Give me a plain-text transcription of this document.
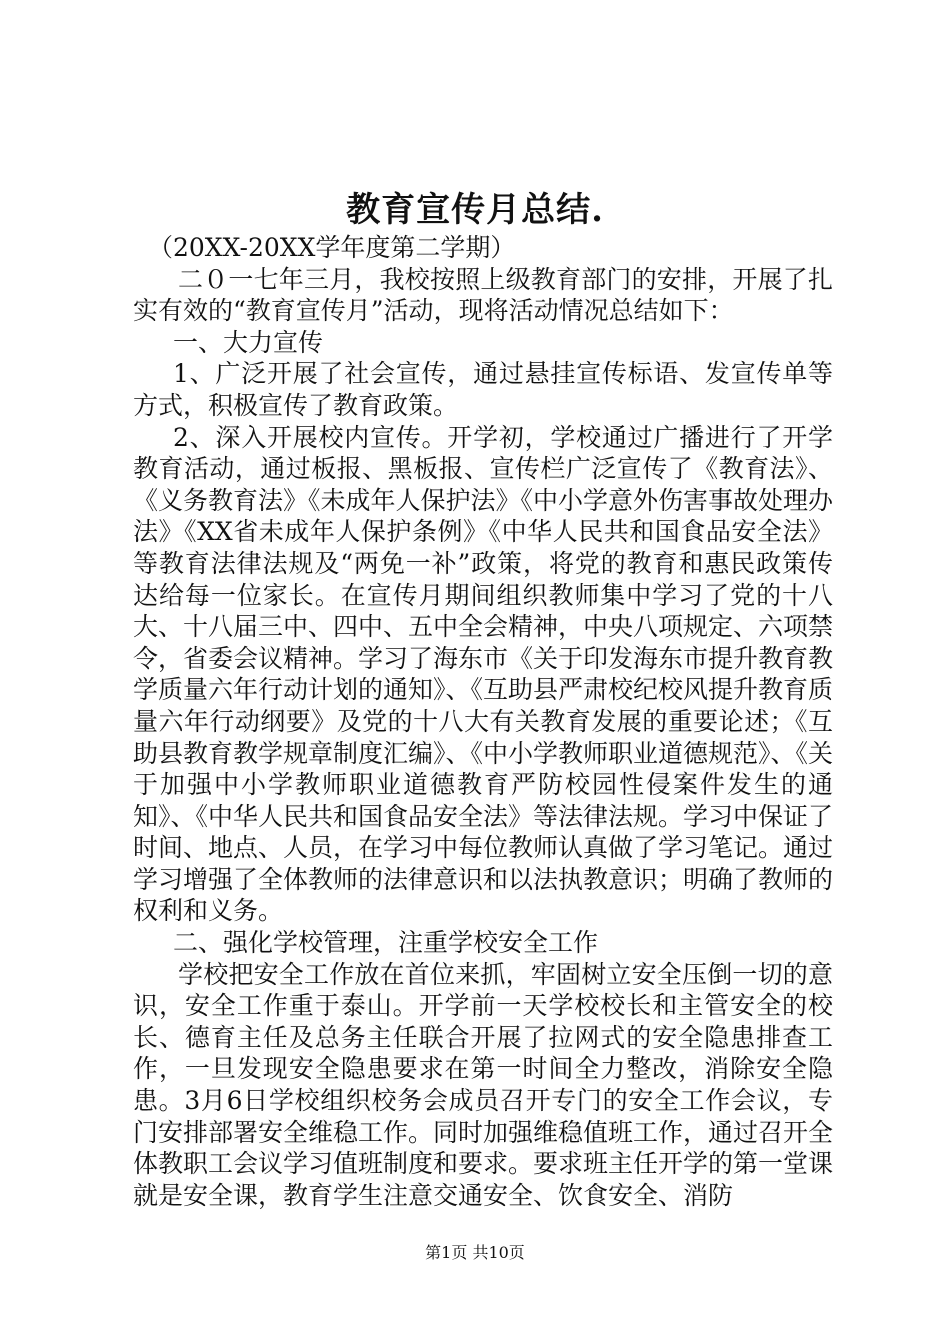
教育宣传月总结.

（20XX-20XX学年度第二学期）

二０一七年三月，我校按照上级教育部门的安排，开展了扎实有效的“教育宣传月”活动，现将活动情况总结如下：

一、大力宣传

1、广泛开展了社会宣传，通过悬挂宣传标语、发宣传单等方式，积极宣传了教育政策。

2、深入开展校内宣传。开学初，学校通过广播进行了开学教育活动，通过板报、黑板报、宣传栏广泛宣传了《教育法》、《义务教育法》《未成年人保护法》《中小学意外伤害事故处理办法》《XX省未成年人保护条例》《中华人民共和国食品安全法》等教育法律法规及“两免一补”政策，将党的教育和惠民政策传达给每一位家长。在宣传月期间组织教师集中学习了党的十八大、十八届三中、四中、五中全会精神，中央八项规定、六项禁令，省委会议精神。学习了海东市《关于印发海东市提升教育教学质量六年行动计划的通知》、《互助县严肃校纪校风提升教育质量六年行动纲要》及党的十八大有关教育发展的重要论述；《互助县教育教学规章制度汇编》、《中小学教师职业道德规范》、《关于加强中小学教师职业道德教育严防校园性侵案件发生的通知》、《中华人民共和国食品安全法》等法律法规。学习中保证了时间、地点、人员，在学习中每位教师认真做了学习笔记。通过学习增强了全体教师的法律意识和以法执教意识；明确了教师的权利和义务。

二、强化学校管理，注重学校安全工作

学校把安全工作放在首位来抓，牢固树立安全压倒一切的意识，安全工作重于泰山。开学前一天学校校长和主管安全的校长、德育主任及总务主任联合开展了拉网式的安全隐患排查工作，一旦发现安全隐患要求在第一时间全力整改，消除安全隐患。3月6日学校组织校务会成员召开专门的安全工作会议，专门安排部署安全维稳工作。同时加强维稳值班工作，通过召开全体教职工会议学习值班制度和要求。要求班主任开学的第一堂课就是安全课，教育学生注意交通安全、饮食安全、消防

第1页 共10页
